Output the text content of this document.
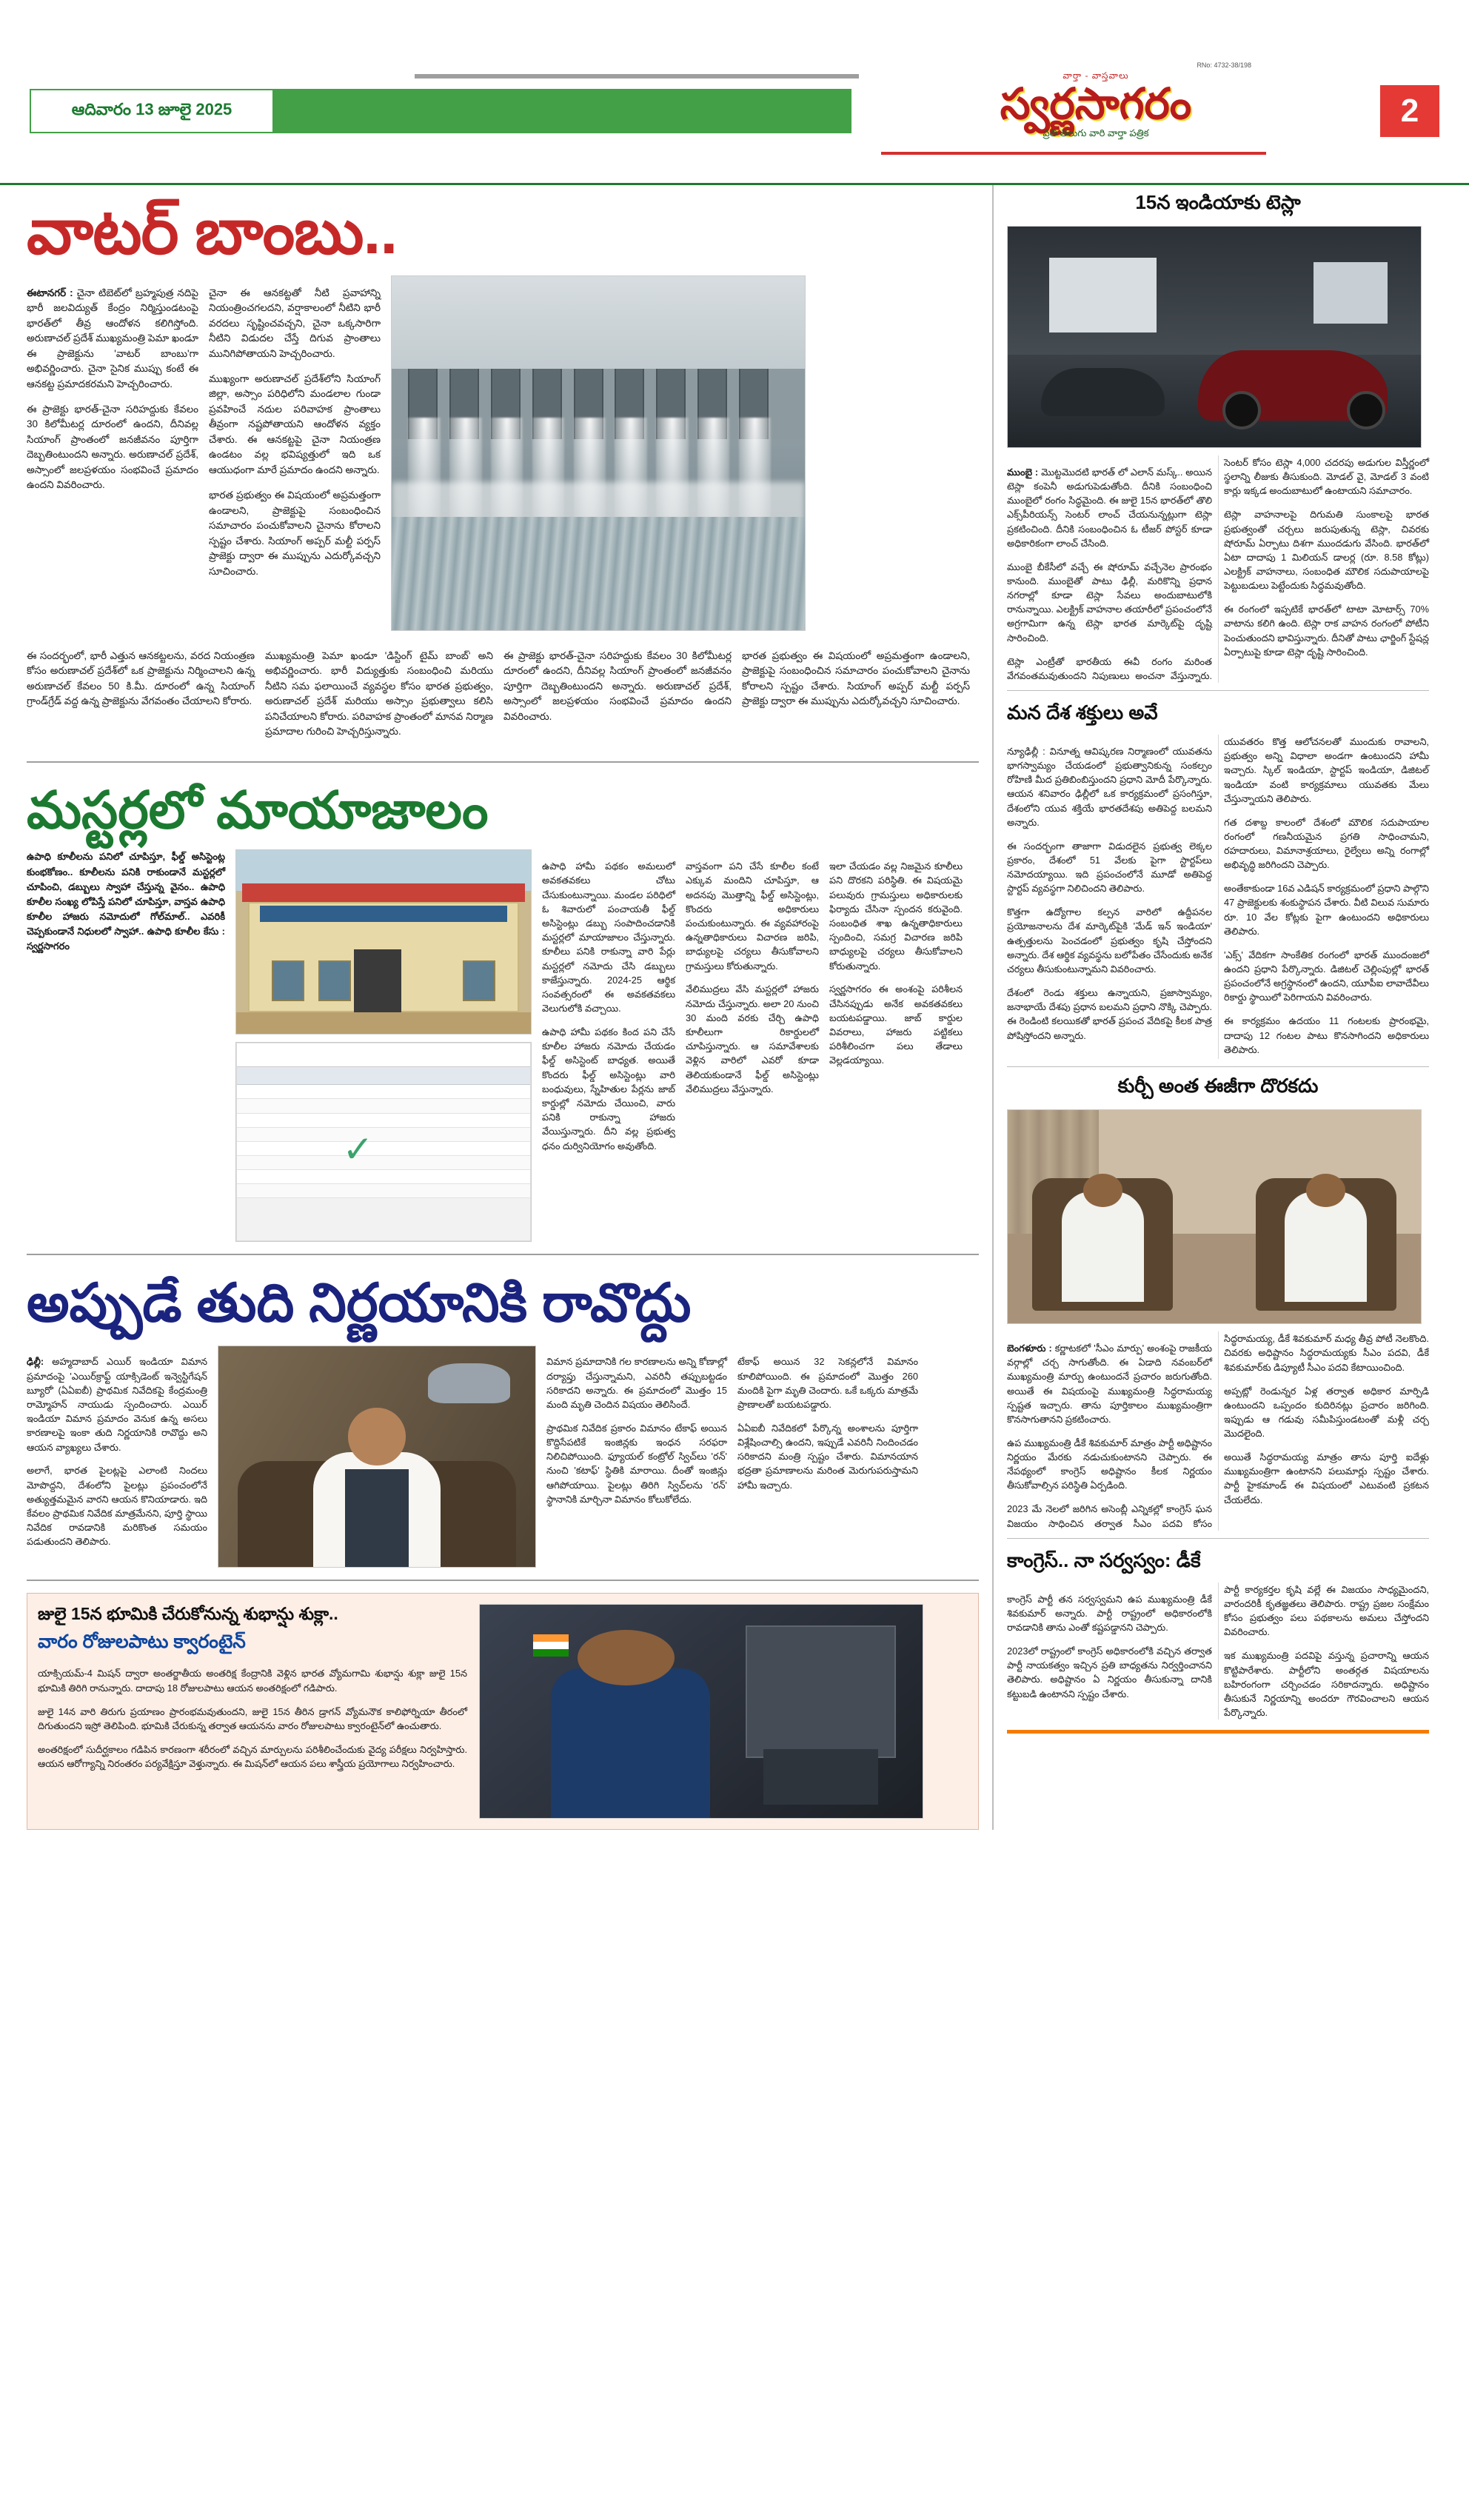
ఆదివారం 13 జూలై 2025
RNo: 4732-38/198
వార్తా - వాస్తవాలు
స్వర్ణసాగరం
ప్రతి తెలుగు వారి వార్తా పత్రిక
2
వాటర్ బాంబు..

ఈటానగర్ : చైనా టిబెట్‌లో బ్రహ్మపుత్ర నదిపై భారీ జలవిద్యుత్ కేంద్రం నిర్మిస్తుండటంపై భారత్‌లో తీవ్ర ఆందోళన కలిగిస్తోంది. అరుణాచల్ ప్రదేశ్ ముఖ్యమంత్రి పెమా ఖండూ ఈ ప్రాజెక్టును 'వాటర్ బాంబు'గా అభివర్ణించారు. చైనా సైనిక ముప్పు కంటే ఈ ఆనకట్ట ప్రమాదకరమని హెచ్చరించారు.

ఈ ప్రాజెక్టు భారత్-చైనా సరిహద్దుకు కేవలం 30 కిలోమీటర్ల దూరంలో ఉందని, దీనివల్ల సియాంగ్ ప్రాంతంలో జనజీవనం పూర్తిగా దెబ్బతింటుందని అన్నారు. అరుణాచల్ ప్రదేశ్, అస్సాంలో జలప్రళయం సంభవించే ప్రమాదం ఉందని వివరించారు.

చైనా ఈ ఆనకట్టతో నీటి ప్రవాహాన్ని నియంత్రించగలదని, వర్షాకాలంలో నీటిని భారీ వరదలు సృష్టించవచ్చని, చైనా ఒక్కసారిగా నీటిని విడుదల చేస్తే దిగువ ప్రాంతాలు మునిగిపోతాయని హెచ్చరించారు.

ముఖ్యంగా అరుణాచల్ ప్రదేశ్‌లోని సియాంగ్ జిల్లా, అస్సాం పరిధిలోని మండలాల గుండా ప్రవహించే నదుల పరివాహక ప్రాంతాలు తీవ్రంగా నష్టపోతాయని ఆందోళన వ్యక్తం చేశారు. ఈ ఆనకట్టపై చైనా నియంత్రణ ఉండటం వల్ల భవిష్యత్తులో ఇది ఒక ఆయుధంగా మారే ప్రమాదం ఉందని అన్నారు.

భారత ప్రభుత్వం ఈ విషయంలో అప్రమత్తంగా ఉండాలని, ప్రాజెక్టుపై సంబంధించిన సమాచారం పంచుకోవాలని చైనాను కోరాలని స్పష్టం చేశారు. సియాంగ్ అప్పర్ మల్టీ పర్పస్ ప్రాజెక్టు ద్వారా ఈ ముప్పును ఎదుర్కోవచ్చని సూచించారు.

ఈ సందర్భంలో, భారీ ఎత్తున ఆనకట్టలను, వరద నియంత్రణ కోసం అరుణాచల్ ప్రదేశ్‌లో ఒక ప్రాజెక్టును నిర్మించాలని ఉన్న అరుణాచల్ కేవలం 50 కి.మీ. దూరంలో ఉన్న సియాంగ్ గ్రాండ్‌గ్రేడ్ వద్ద ఉన్న ప్రాజెక్టును వేగవంతం చేయాలని కోరారు.

ముఖ్యమంత్రి పెమా ఖండూ 'డిస్టింగ్ టైమ్ బాంబ్' అని అభివర్ణించారు. భారీ విద్యుత్తుకు సంబంధించి మరియు నీటిని సమ ఫలాయించే వ్యవస్థల కోసం భారత ప్రభుత్వం, అరుణాచల్ ప్రదేశ్ మరియు అస్సాం ప్రభుత్వాలు కలిసి పనిచేయాలని కోరారు. పరివాహక ప్రాంతంలో మానవ నిర్మాణ ప్రమాదాల గురించి హెచ్చరిస్తున్నారు.

ఈ ప్రాజెక్టు భారత్-చైనా సరిహద్దుకు కేవలం 30 కిలోమీటర్ల దూరంలో ఉందని, దీనివల్ల సియాంగ్ ప్రాంతంలో జనజీవనం పూర్తిగా దెబ్బతింటుందని అన్నారు. అరుణాచల్ ప్రదేశ్, అస్సాంలో జలప్రళయం సంభవించే ప్రమాదం ఉందని వివరించారు.

భారత ప్రభుత్వం ఈ విషయంలో అప్రమత్తంగా ఉండాలని, ప్రాజెక్టుపై సంబంధించిన సమాచారం పంచుకోవాలని చైనాను కోరాలని స్పష్టం చేశారు. సియాంగ్ అప్పర్ మల్టీ పర్పస్ ప్రాజెక్టు ద్వారా ఈ ముప్పును ఎదుర్కోవచ్చని సూచించారు.

మస్టర్లలో మాయాజాలం
ఉపాధి కూలీలను పనిలో చూపిస్తూ, ఫీల్డ్ అసిస్టెంట్ల కుంభకోణం.. కూలీలను పనికి రాకుండానే మస్టర్లలో చూపించి, డబ్బులు స్వాహా చేస్తున్న వైనం.. ఉపాధి కూలీల సంఖ్య లోపిస్తే పనిలో చూపిస్తూ, వాస్తవ ఉపాధి కూలీల హాజరు నమోదులో గోల్‌మాల్.. ఎవరికీ చెప్పకుండానే నిధులలో స్వాహా.. ఉపాధి కూలీల కేసు : స్వర్ణసాగరం
✓

ఉపాధి హామీ పథకం అమలులో అవకతవకలు చోటు చేసుకుంటున్నాయి. మండల పరిధిలో ఓ శివారులో పంచాయతీ ఫీల్డ్ అసిస్టెంట్లు డబ్బు సంపాదించడానికి మస్టర్లలో మాయాజాలం చేస్తున్నారు. కూలీలు పనికి రాకున్నా వారి పేర్లు మస్టర్లలో నమోదు చేసి డబ్బులు కాజేస్తున్నారు. 2024-25 ఆర్థిక సంవత్సరంలో ఈ అవకతవకలు వెలుగులోకి వచ్చాయి.

ఉపాధి హామీ పథకం కింద పని చేసే కూలీల హాజరు నమోదు చేయడం ఫీల్డ్ అసిస్టెంట్ బాధ్యత. అయితే కొందరు ఫీల్డ్ అసిస్టెంట్లు వారి బంధువులు, స్నేహితుల పేర్లను జాబ్ కార్డుల్లో నమోదు చేయించి, వారు పనికి రాకున్నా హాజరు వేయిస్తున్నారు. దీని వల్ల ప్రభుత్వ ధనం దుర్వినియోగం అవుతోంది.

వాస్తవంగా పని చేసే కూలీల కంటే ఎక్కువ మందిని చూపిస్తూ, ఆ అదనపు మొత్తాన్ని ఫీల్డ్ అసిస్టెంట్లు, కొందరు అధికారులు పంచుకుంటున్నారు. ఈ వ్యవహారంపై ఉన్నతాధికారులు విచారణ జరిపి, బాధ్యులపై చర్యలు తీసుకోవాలని గ్రామస్తులు కోరుతున్నారు.

వేలిముద్రలు వేసి మస్టర్లలో హాజరు నమోదు చేస్తున్నారు. అలా 20 నుంచి 30 మంది వరకు చేర్చి ఉపాధి కూలీలుగా రికార్డులలో చూపిస్తున్నారు. ఆ సమావేశాలకు వెళ్లిన వారిలో ఎవరో కూడా తెలియకుండానే ఫీల్డ్ అసిస్టెంట్లు వేలిముద్రలు వేస్తున్నారు.

ఇలా చేయడం వల్ల నిజమైన కూలీలు పని దొరకని పరిస్థితి. ఈ విషయమై పలువురు గ్రామస్తులు అధికారులకు ఫిర్యాదు చేసినా స్పందన కరువైంది. సంబంధిత శాఖ ఉన్నతాధికారులు స్పందించి, సమగ్ర విచారణ జరిపి బాధ్యులపై చర్యలు తీసుకోవాలని కోరుతున్నారు.

స్వర్ణసాగరం ఈ అంశంపై పరిశీలన చేసినప్పుడు అనేక అవకతవకలు బయటపడ్డాయి. జాబ్ కార్డుల వివరాలు, హాజరు పట్టికలు పరిశీలించగా పలు తేడాలు వెల్లడయ్యాయి.

అప్పుడే తుది నిర్ణయానికి రావొద్దు

ఢిల్లీ: అహ్మదాబాద్ ఎయిర్ ఇండియా విమాన ప్రమాదంపై 'ఎయిర్‌క్రాఫ్ట్ యాక్సిడెంట్ ఇన్వెస్టిగేషన్ బ్యూరో' (ఏఏఐబీ) ప్రాథమిక నివేదికపై కేంద్రమంత్రి రామ్మోహన్ నాయుడు స్పందించారు. ఎయిర్ ఇండియా విమాన ప్రమాదం వెనుక ఉన్న అసలు కారణాలపై ఇంకా తుది నిర్ణయానికి రావొద్దు అని ఆయన వ్యాఖ్యలు చేశారు.

అలాగే, భారత పైలట్లపై ఎలాంటి నిందలు మోపొద్దని, దేశంలోని పైలట్లు ప్రపంచంలోనే అత్యుత్తమమైన వారని ఆయన కొనియాడారు. ఇది కేవలం ప్రాథమిక నివేదిక మాత్రమేనని, పూర్తి స్థాయి నివేదిక రావడానికి మరికొంత సమయం పడుతుందని తెలిపారు.

విమాన ప్రమాదానికి గల కారణాలను అన్ని కోణాల్లో దర్యాప్తు చేస్తున్నామని, ఎవరినీ తప్పుబట్టడం సరికాదని అన్నారు. ఈ ప్రమాదంలో మొత్తం 15 మంది మృతి చెందిన విషయం తెలిసిందే.

ప్రాథమిక నివేదిక ప్రకారం విమానం టేకాఫ్ అయిన కొద్దిసేపటికే ఇంజిన్లకు ఇంధన సరఫరా నిలిచిపోయింది. ఫ్యూయల్ కంట్రోల్ స్విచ్‌లు 'రన్' నుంచి 'కటాఫ్' స్థితికి మారాయి. దీంతో ఇంజిన్లు ఆగిపోయాయి. పైలట్లు తిరిగి స్విచ్‌లను 'రన్' స్థానానికి మార్చినా విమానం కోలుకోలేదు.

టేకాఫ్ అయిన 32 సెకన్లలోనే విమానం కూలిపోయింది. ఈ ప్రమాదంలో మొత్తం 260 మందికి పైగా మృతి చెందారు. ఒకే ఒక్కరు మాత్రమే ప్రాణాలతో బయటపడ్డారు.

ఏఏఐబీ నివేదికలో పేర్కొన్న అంశాలను పూర్తిగా విశ్లేషించాల్సి ఉందని, ఇప్పుడే ఎవరినీ నిందించడం సరికాదని మంత్రి స్పష్టం చేశారు. విమానయాన భద్రతా ప్రమాణాలను మరింత మెరుగుపరుస్తామని హామీ ఇచ్చారు.

జులై 15న భూమికి చేరుకోనున్న శుభాన్షు శుక్లా..
వారం రోజులపాటు క్వారంటైన్

యాక్సియమ్-4 మిషన్ ద్వారా అంతర్జాతీయ అంతరిక్ష కేంద్రానికి వెళ్లిన భారత వ్యోమగామి శుభాన్షు శుక్లా జులై 15న భూమికి తిరిగి రానున్నారు. దాదాపు 18 రోజులపాటు ఆయన అంతరిక్షంలో గడిపారు.

జులై 14న వారి తిరుగు ప్రయాణం ప్రారంభమవుతుందని, జులై 15న తీరిన డ్రాగన్ వ్యోమనౌక కాలిఫోర్నియా తీరంలో దిగుతుందని ఇస్రో తెలిపింది. భూమికి చేరుకున్న తర్వాత ఆయనను వారం రోజులపాటు క్వారంటైన్‌లో ఉంచుతారు.

అంతరిక్షంలో సుదీర్ఘకాలం గడిపిన కారణంగా శరీరంలో వచ్చిన మార్పులను పరిశీలించేందుకు వైద్య పరీక్షలు నిర్వహిస్తారు. ఆయన ఆరోగ్యాన్ని నిరంతరం పర్యవేక్షిస్తూ వెళ్తున్నారు. ఈ మిషన్‌లో ఆయన పలు శాస్త్రీయ ప్రయోగాలు నిర్వహించారు.

15న ఇండియాకు టెస్లా

ముంబై : మొట్టమొదటి భారత్ లో ఎలాన్ మస్క్.. అయిన టెస్లా కంపెనీ అడుగుపెడుతోంది. దీనికి సంబంధించి ముంబైలో రంగం సిద్ధమైంది. ఈ జులై 15న భారత్‌లో తొలి ఎక్స్‌పీరియన్స్ సెంటర్ లాంచ్ చేయనున్నట్లుగా టెస్లా ప్రకటించింది. దీనికి సంబంధించిన ఓ టీజర్ పోస్టర్ కూడా అధికారికంగా లాంచ్ చేసింది.

ముంబై బీకేసీలో వచ్చే ఈ షోరూమ్ వచ్చేనెల ప్రారంభం కానుంది. ముంబైతో పాటు ఢిల్లీ, మరికొన్ని ప్రధాన నగరాల్లో కూడా టెస్లా సేవలు అందుబాటులోకి రానున్నాయి. ఎలక్ట్రిక్ వాహనాల తయారీలో ప్రపంచంలోనే అగ్రగామిగా ఉన్న టెస్లా భారత మార్కెట్‌పై దృష్టి సారించింది.

టెస్లా ఎంట్రీతో భారతీయ ఈవీ రంగం మరింత వేగవంతమవుతుందని నిపుణులు అంచనా వేస్తున్నారు. సెంటర్ కోసం టెస్లా 4,000 చదరపు అడుగుల విస్తీర్ణంలో స్థలాన్ని లీజుకు తీసుకుంది. మోడల్ వై, మోడల్ 3 వంటి కార్లు ఇక్కడ అందుబాటులో ఉంటాయని సమాచారం.

టెస్లా వాహనాలపై దిగుమతి సుంకాలపై భారత ప్రభుత్వంతో చర్చలు జరుపుతున్న టెస్లా, చివరకు షోరూమ్ ఏర్పాటు దిశగా ముందడుగు వేసింది. భారత్‌లో ఏటా దాదాపు 1 మిలియన్ డాలర్ల (రూ. 8.58 కోట్లు) ఎలక్ట్రిక్ వాహనాలు, సంబంధిత మౌలిక సదుపాయాలపై పెట్టుబడులు పెట్టేందుకు సిద్ధమవుతోంది.

ఈ రంగంలో ఇప్పటికే భారత్‌లో టాటా మోటార్స్ 70% వాటాను కలిగి ఉంది. టెస్లా రాక వాహన రంగంలో పోటీని పెంచుతుందని భావిస్తున్నారు. దీనితో పాటు ఛార్జింగ్ స్టేషన్ల ఏర్పాటుపై కూడా టెస్లా దృష్టి సారించింది.

మన దేశ శక్తులు అవే

న్యూఢిల్లీ : వినూత్న ఆవిష్కరణ నిర్మాణంలో యువతను భాగస్వామ్యం చేయడంలో ప్రభుత్వానికున్న సంకల్పం రోహిణి మీద ప్రతిబింబిస్తుందని ప్రధాని మోదీ పేర్కొన్నారు. ఆయన శనివారం ఢిల్లీలో ఒక కార్యక్రమంలో ప్రసంగిస్తూ, దేశంలోని యువ శక్తియే భారతదేశపు అతిపెద్ద బలమని అన్నారు.

ఈ సందర్భంగా తాజాగా విడుదలైన ప్రభుత్వ లెక్కల ప్రకారం, దేశంలో 51 వేలకు పైగా స్టార్టప్‌లు నమోదయ్యాయి. ఇది ప్రపంచంలోనే మూడో అతిపెద్ద స్టార్టప్ వ్యవస్థగా నిలిచిందని తెలిపారు.

కొత్తగా ఉద్యోగాల కల్పన వారిలో ఉద్దీపనల ప్రయోజనాలను దేశ మార్కెట్‌పైకి 'మేడ్ ఇన్ ఇండియా' ఉత్పత్తులను పెంచడంలో ప్రభుత్వం కృషి చేస్తోందని అన్నారు. దేశ ఆర్థిక వ్యవస్థను బలోపేతం చేసేందుకు అనేక చర్యలు తీసుకుంటున్నామని వివరించారు.

దేశంలో రెండు శక్తులు ఉన్నాయని, ప్రజాస్వామ్యం, జనాభాయే దేశపు ప్రధాన బలమని ప్రధాని నొక్కి చెప్పారు. ఈ రెండింటి కలయికతో భారత్ ప్రపంచ వేదికపై కీలక పాత్ర పోషిస్తోందని అన్నారు.

యువతరం కొత్త ఆలోచనలతో ముందుకు రావాలని, ప్రభుత్వం అన్ని విధాలా అండగా ఉంటుందని హామీ ఇచ్చారు. స్కిల్ ఇండియా, స్టార్టప్ ఇండియా, డిజిటల్ ఇండియా వంటి కార్యక్రమాలు యువతకు మేలు చేస్తున్నాయని తెలిపారు.

గత దశాబ్ద కాలంలో దేశంలో మౌలిక సదుపాయాల రంగంలో గణనీయమైన ప్రగతి సాధించామని, రహదారులు, విమానాశ్రయాలు, రైల్వేలు అన్ని రంగాల్లో అభివృద్ధి జరిగిందని చెప్పారు.

అంతేకాకుండా 16వ ఎడిషన్ కార్యక్రమంలో ప్రధాని పాల్గొని 47 ప్రాజెక్టులకు శంకుస్థాపన చేశారు. వీటి విలువ సుమారు రూ. 10 వేల కోట్లకు పైగా ఉంటుందని అధికారులు తెలిపారు.

'ఎక్స్' వేదికగా సాంకేతిక రంగంలో భారత్ ముందంజలో ఉందని ప్రధాని పేర్కొన్నారు. డిజిటల్ చెల్లింపుల్లో భారత్ ప్రపంచంలోనే అగ్రస్థానంలో ఉందని, యూపీఐ లావాదేవీలు రికార్డు స్థాయిలో పెరిగాయని వివరించారు.

ఈ కార్యక్రమం ఉదయం 11 గంటలకు ప్రారంభమై, దాదాపు 12 గంటల పాటు కొనసాగిందని అధికారులు తెలిపారు.

కుర్చీ అంత ఈజీగా దొరకదు

బెంగళూరు : కర్ణాటకలో 'సీఎం మార్పు' అంశంపై రాజకీయ వర్గాల్లో చర్చ సాగుతోంది. ఈ ఏడాది నవంబర్‌లో ముఖ్యమంత్రి మార్పు ఉంటుందనే ప్రచారం జరుగుతోంది. అయితే ఈ విషయంపై ముఖ్యమంత్రి సిద్ధరామయ్య స్పష్టత ఇచ్చారు. తాను పూర్తికాలం ముఖ్యమంత్రిగా కొనసాగుతానని ప్రకటించారు.

ఉప ముఖ్యమంత్రి డీకే శివకుమార్ మాత్రం పార్టీ అధిష్టానం నిర్ణయం మేరకు నడుచుకుంటానని చెప్పారు. ఈ నేపథ్యంలో కాంగ్రెస్ అధిష్టానం కీలక నిర్ణయం తీసుకోవాల్సిన పరిస్థితి ఏర్పడింది.

2023 మే నెలలో జరిగిన అసెంబ్లీ ఎన్నికల్లో కాంగ్రెస్ ఘన విజయం సాధించిన తర్వాత సీఎం పదవి కోసం సిద్ధరామయ్య, డీకే శివకుమార్ మధ్య తీవ్ర పోటీ నెలకొంది. చివరకు అధిష్టానం సిద్ధరామయ్యకు సీఎం పదవి, డీకే శివకుమార్‌కు డిప్యూటీ సీఎం పదవి కేటాయించింది.

అప్పట్లో రెండున్నర ఏళ్ల తర్వాత అధికార మార్పిడి ఉంటుందని ఒప్పందం కుదిరినట్లు ప్రచారం జరిగింది. ఇప్పుడు ఆ గడువు సమీపిస్తుండటంతో మళ్లీ చర్చ మొదలైంది.

అయితే సిద్ధరామయ్య మాత్రం తాను పూర్తి ఐదేళ్లు ముఖ్యమంత్రిగా ఉంటానని పలుమార్లు స్పష్టం చేశారు. పార్టీ హైకమాండ్ ఈ విషయంలో ఎటువంటి ప్రకటన చేయలేదు.

కాంగ్రెస్.. నా సర్వస్వం: డీకే

కాంగ్రెస్ పార్టీ తన సర్వస్వమని ఉప ముఖ్యమంత్రి డీకే శివకుమార్ అన్నారు. పార్టీ రాష్ట్రంలో అధికారంలోకి రావడానికి తాను ఎంతో కష్టపడ్డానని చెప్పారు.

2023లో రాష్ట్రంలో కాంగ్రెస్ అధికారంలోకి వచ్చిన తర్వాత పార్టీ నాయకత్వం ఇచ్చిన ప్రతి బాధ్యతను నిర్వర్తించానని తెలిపారు. అధిష్టానం ఏ నిర్ణయం తీసుకున్నా దానికి కట్టుబడి ఉంటానని స్పష్టం చేశారు.

పార్టీ కార్యకర్తల కృషి వల్లే ఈ విజయం సాధ్యమైందని, వారందరికీ కృతజ్ఞతలు తెలిపారు. రాష్ట్ర ప్రజల సంక్షేమం కోసం ప్రభుత్వం పలు పథకాలను అమలు చేస్తోందని వివరించారు.

ఇక ముఖ్యమంత్రి పదవిపై వస్తున్న ప్రచారాన్ని ఆయన కొట్టిపారేశారు. పార్టీలోని అంతర్గత విషయాలను బహిరంగంగా చర్చించడం సరికాదన్నారు. అధిష్టానం తీసుకునే నిర్ణయాన్ని అందరూ గౌరవించాలని ఆయన పేర్కొన్నారు.
